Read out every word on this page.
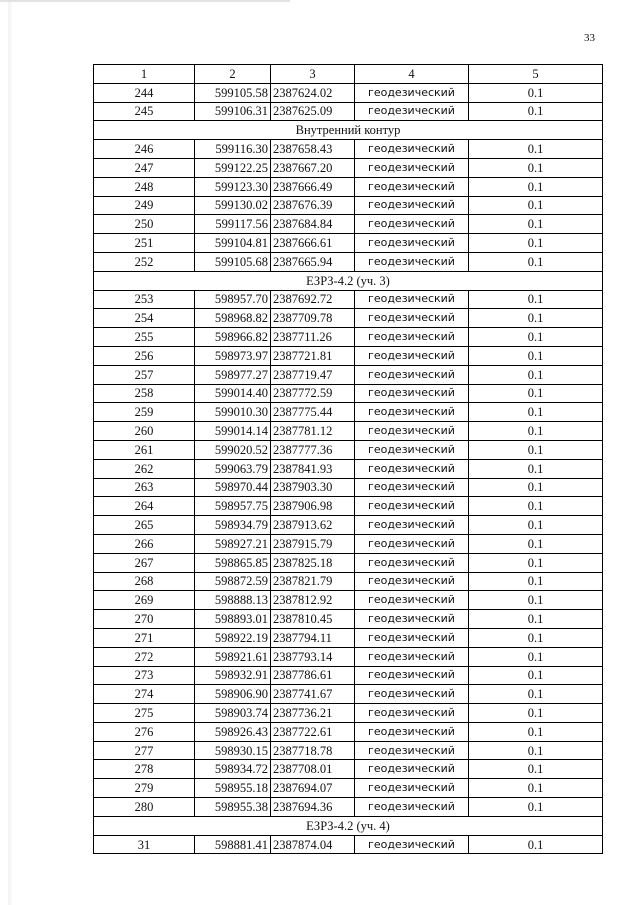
33
1	2	3	4	5
244	599105.58	2387624.02	геодезический	0.1
245	599106.31	2387625.09	геодезический	0.1
Внутренний контур				
246	599116.30	2387658.43	геодезический	0.1
247	599122.25	2387667.20	геодезический	0.1
248	599123.30	2387666.49	геодезический	0.1
249	599130.02	2387676.39	геодезический	0.1
250	599117.56	2387684.84	геодезический	0.1
251	599104.81	2387666.61	геодезический	0.1
252	599105.68	2387665.94	геодезический	0.1
ЕЗРЗ-4.2 (уч. 3)				
253	598957.70	2387692.72	геодезический	0.1
254	598968.82	2387709.78	геодезический	0.1
255	598966.82	2387711.26	геодезический	0.1
256	598973.97	2387721.81	геодезический	0.1
257	598977.27	2387719.47	геодезический	0.1
258	599014.40	2387772.59	геодезический	0.1
259	599010.30	2387775.44	геодезический	0.1
260	599014.14	2387781.12	геодезический	0.1
261	599020.52	2387777.36	геодезический	0.1
262	599063.79	2387841.93	геодезический	0.1
263	598970.44	2387903.30	геодезический	0.1
264	598957.75	2387906.98	геодезический	0.1
265	598934.79	2387913.62	геодезический	0.1
266	598927.21	2387915.79	геодезический	0.1
267	598865.85	2387825.18	геодезический	0.1
268	598872.59	2387821.79	геодезический	0.1
269	598888.13	2387812.92	геодезический	0.1
270	598893.01	2387810.45	геодезический	0.1
271	598922.19	2387794.11	геодезический	0.1
272	598921.61	2387793.14	геодезический	0.1
273	598932.91	2387786.61	геодезический	0.1
274	598906.90	2387741.67	геодезический	0.1
275	598903.74	2387736.21	геодезический	0.1
276	598926.43	2387722.61	геодезический	0.1
277	598930.15	2387718.78	геодезический	0.1
278	598934.72	2387708.01	геодезический	0.1
279	598955.18	2387694.07	геодезический	0.1
280	598955.38	2387694.36	геодезический	0.1
ЕЗРЗ-4.2 (уч. 4)				
31	598881.41	2387874.04	геодезический	0.1
